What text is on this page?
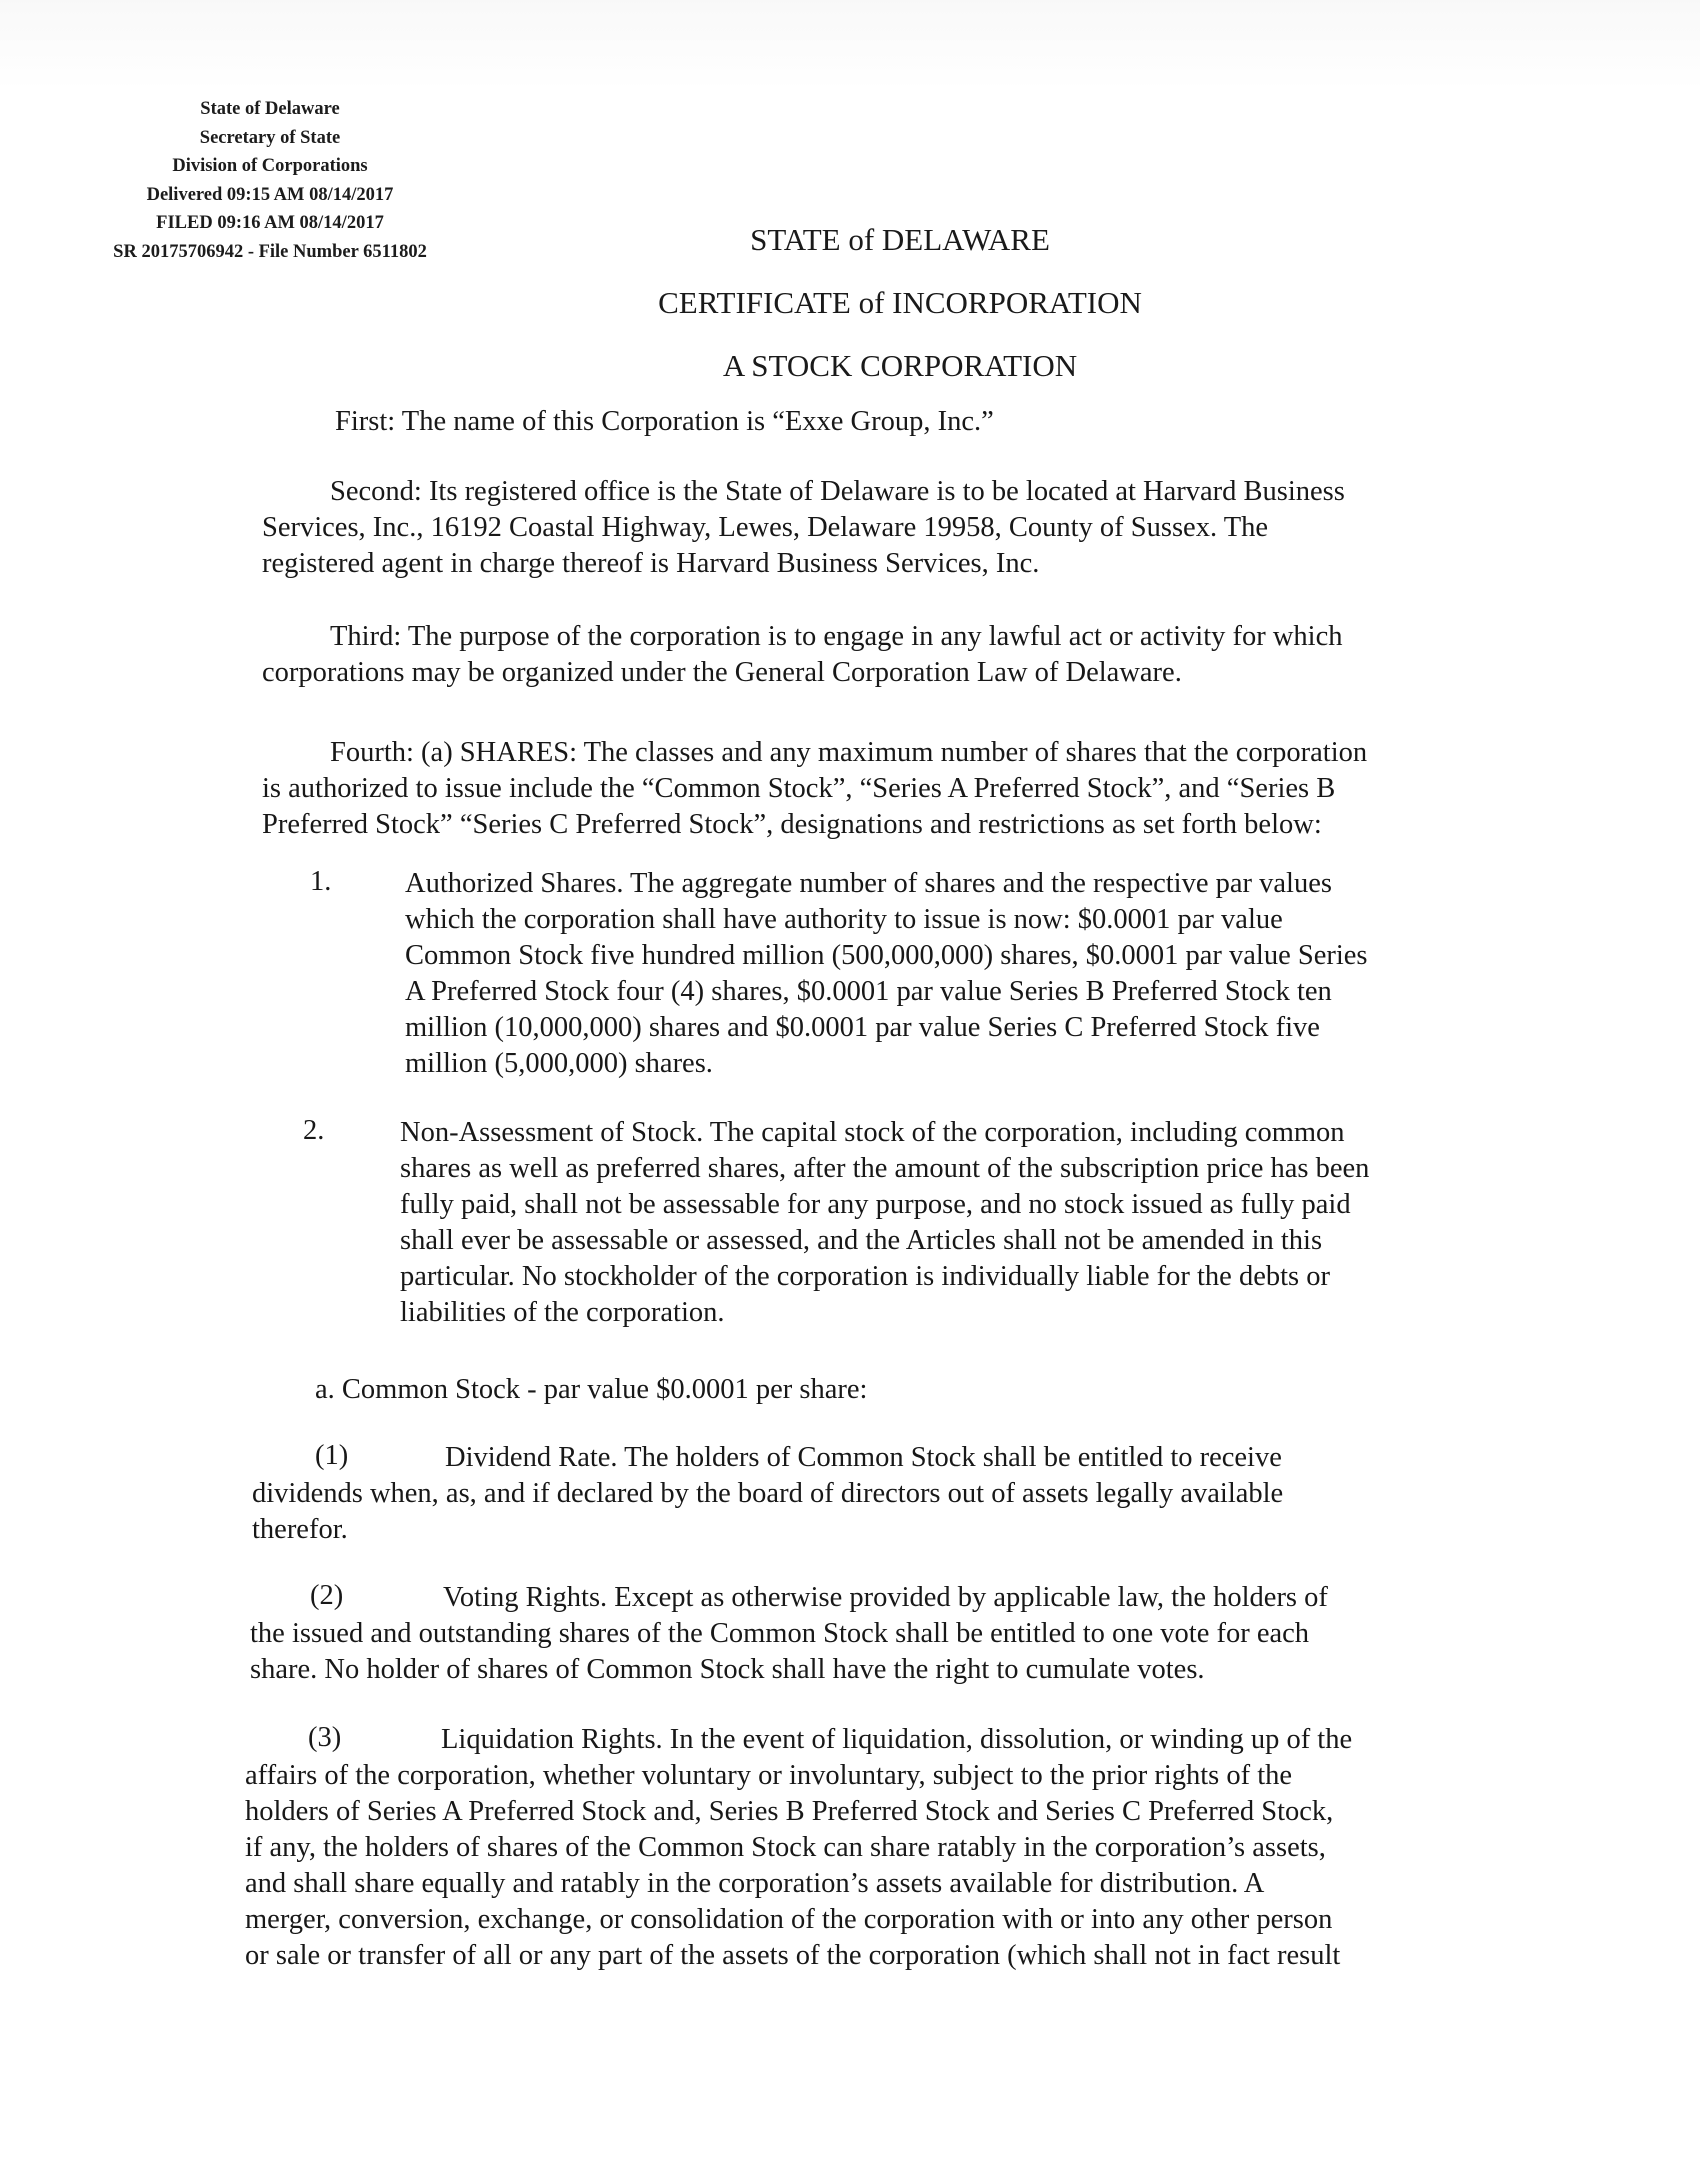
State of Delaware
Secretary of State
Division of Corporations
Delivered 09:15 AM 08/14/2017
FILED 09:16 AM 08/14/2017
SR 20175706942 - File Number 6511802	STATE of DELAWARE
CERTIFICATE of INCORPORATION
A STOCK CORPORATION
First: The name of this Corporation is “Exxe Group, Inc.”
Second: Its registered office is the State of Delaware is to be located at Harvard Business
Services, Inc., 16192 Coastal Highway, Lewes, Delaware 19958, County of Sussex. The
registered agent in charge thereof is Harvard Business Services, Inc.
Third: The purpose of the corporation is to engage in any lawful act or activity for which
corporations may be organized under the General Corporation Law of Delaware.
Fourth: (a) SHARES: The classes and any maximum number of shares that the corporation
is authorized to issue include the “Common Stock”, “Series A Preferred Stock”, and “Series B
Preferred Stock” “Series C Preferred Stock”, designations and restrictions as set forth below:
1.	Authorized Shares. The aggregate number of shares and the respective par values
which the corporation shall have authority to issue is now: $0.0001 par value
Common Stock five hundred million (500,000,000) shares, $0.0001 par value Series
A Preferred Stock four (4) shares, $0.0001 par value Series B Preferred Stock ten
million (10,000,000) shares and $0.0001 par value Series C Preferred Stock five
million (5,000,000) shares.
2.	Non-Assessment of Stock. The capital stock of the corporation, including common
shares as well as preferred shares, after the amount of the subscription price has been
fully paid, shall not be assessable for any purpose, and no stock issued as fully paid
shall ever be assessable or assessed, and the Articles shall not be amended in this
particular. No stockholder of the corporation is individually liable for the debts or
liabilities of the corporation.
a. Common Stock - par value $0.0001 per share:
(1)	Dividend Rate. The holders of Common Stock shall be entitled to receive
dividends when, as, and if declared by the board of directors out of assets legally available
therefor.
(2)	Voting Rights. Except as otherwise provided by applicable law, the holders of
the issued and outstanding shares of the Common Stock shall be entitled to one vote for each
share. No holder of shares of Common Stock shall have the right to cumulate votes.
(3)	Liquidation Rights. In the event of liquidation, dissolution, or winding up of the
affairs of the corporation, whether voluntary or involuntary, subject to the prior rights of the
holders of Series A Preferred Stock and, Series B Preferred Stock and Series C Preferred Stock,
if any, the holders of shares of the Common Stock can share ratably in the corporation’s assets,
and shall share equally and ratably in the corporation’s assets available for distribution. A
merger, conversion, exchange, or consolidation of the corporation with or into any other person
or sale or transfer of all or any part of the assets of the corporation (which shall not in fact result
